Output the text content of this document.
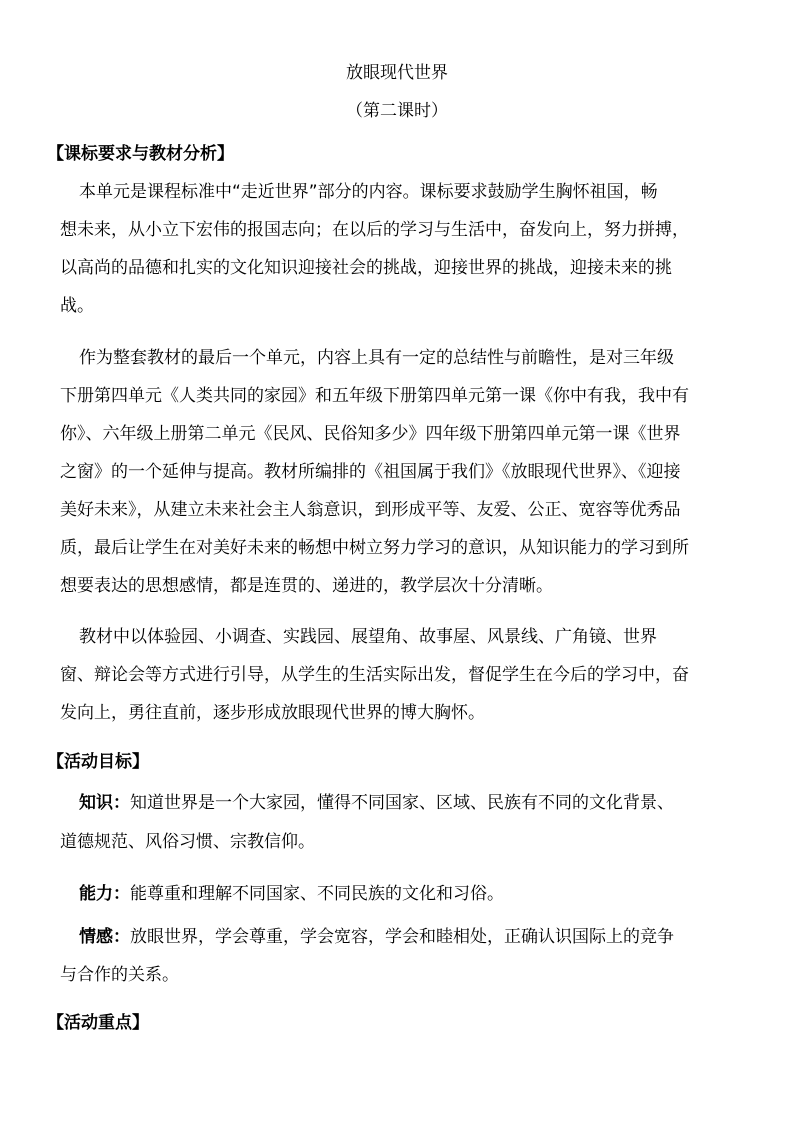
放眼现代世界
（第二课时）
【课标要求与教材分析】
本单元是课程标准中“走近世界”部分的内容。课标要求鼓励学生胸怀祖国，畅
想未来，从小立下宏伟的报国志向；在以后的学习与生活中，奋发向上，努力拼搏，
以高尚的品德和扎实的文化知识迎接社会的挑战，迎接世界的挑战，迎接未来的挑
战。
作为整套教材的最后一个单元，内容上具有一定的总结性与前瞻性，是对三年级
下册第四单元《人类共同的家园》和五年级下册第四单元第一课《你中有我，我中有
你》、六年级上册第二单元《民风、民俗知多少》四年级下册第四单元第一课《世界
之窗》的一个延伸与提高。教材所编排的《祖国属于我们》《放眼现代世界》、《迎接
美好未来》，从建立未来社会主人翁意识，到形成平等、友爱、公正、宽容等优秀品
质，最后让学生在对美好未来的畅想中树立努力学习的意识，从知识能力的学习到所
想要表达的思想感情，都是连贯的、递进的，教学层次十分清晰。
教材中以体验园、小调查、实践园、展望角、故事屋、风景线、广角镜、世界
窗、辩论会等方式进行引导，从学生的生活实际出发，督促学生在今后的学习中，奋
发向上，勇往直前，逐步形成放眼现代世界的博大胸怀。
【活动目标】
知识：知道世界是一个大家园，懂得不同国家、区域、民族有不同的文化背景、
道德规范、风俗习惯、宗教信仰。
能力：能尊重和理解不同国家、不同民族的文化和习俗。
情感：放眼世界，学会尊重，学会宽容，学会和睦相处，正确认识国际上的竞争
与合作的关系。
【活动重点】
